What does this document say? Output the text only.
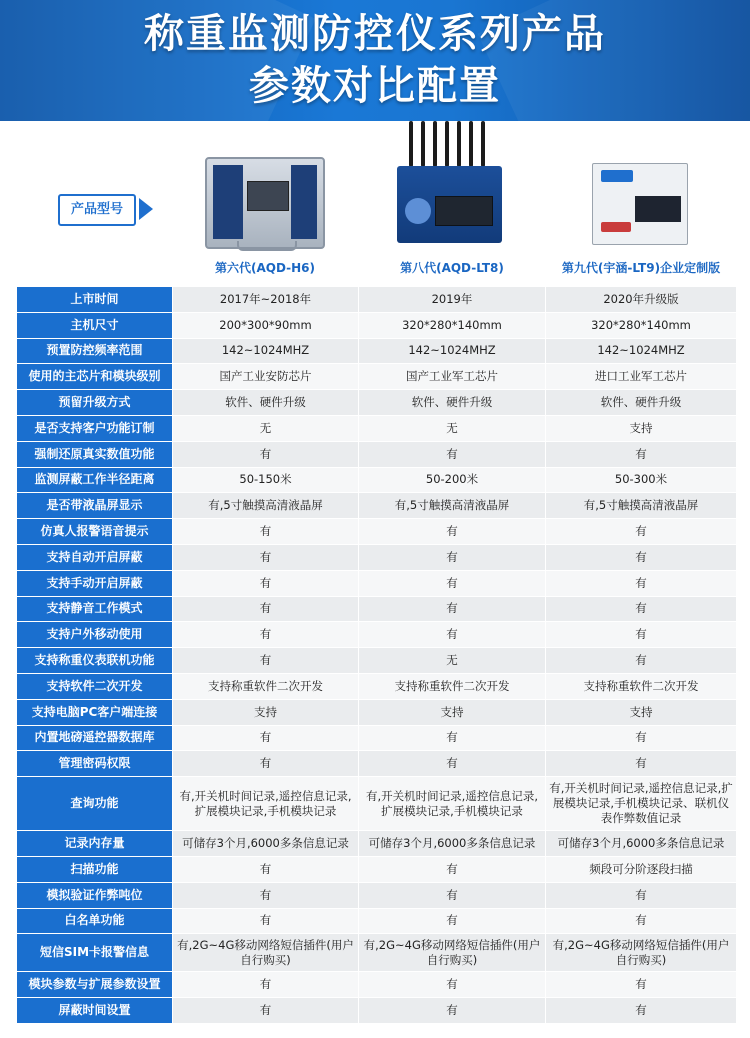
称重监测防控仪系列产品
参数对比配置
产品型号
第六代(AQD-H6)	第八代(AQD-LT8)	第九代(宇涵-LT9)企业定制版
上市时间	2017年~2018年	2019年	2020年升级版
主机尺寸	200*300*90mm	320*280*140mm	320*280*140mm
预置防控频率范围	142~1024MHZ	142~1024MHZ	142~1024MHZ
使用的主芯片和模块级别	国产工业安防芯片	国产工业军工芯片	进口工业军工芯片
预留升级方式	软件、硬件升级	软件、硬件升级	软件、硬件升级
是否支持客户功能订制	无	无	支持
强制还原真实数值功能	有	有	有
监测屏蔽工作半径距离	50-150米	50-200米	50-300米
是否带液晶屏显示	有,5寸触摸高清液晶屏	有,5寸触摸高清液晶屏	有,5寸触摸高清液晶屏
仿真人报警语音提示	有	有	有
支持自动开启屏蔽	有	有	有
支持手动开启屏蔽	有	有	有
支持静音工作模式	有	有	有
支持户外移动使用	有	有	有
支持称重仪表联机功能	有	无	有
支持软件二次开发	支持称重软件二次开发	支持称重软件二次开发	支持称重软件二次开发
支持电脑PC客户端连接	支持	支持	支持
内置地磅遥控器数据库	有	有	有
管理密码权限	有	有	有
查询功能	有,开关机时间记录,遥控信息记录,扩展模块记录,手机模块记录	有,开关机时间记录,遥控信息记录,扩展模块记录,手机模块记录	有,开关机时间记录,遥控信息记录,扩展模块记录,手机模块记录、联机仪表作弊数值记录
记录内存量	可储存3个月,6000多条信息记录	可储存3个月,6000多条信息记录	可储存3个月,6000多条信息记录
扫描功能	有	有	频段可分阶逐段扫描
模拟验证作弊吨位	有	有	有
白名单功能	有	有	有
短信SIM卡报警信息	有,2G~4G移动网络短信插件(用户自行购买)	有,2G~4G移动网络短信插件(用户自行购买)	有,2G~4G移动网络短信插件(用户自行购买)
模块参数与扩展参数设置	有	有	有
屏蔽时间设置	有	有	有
